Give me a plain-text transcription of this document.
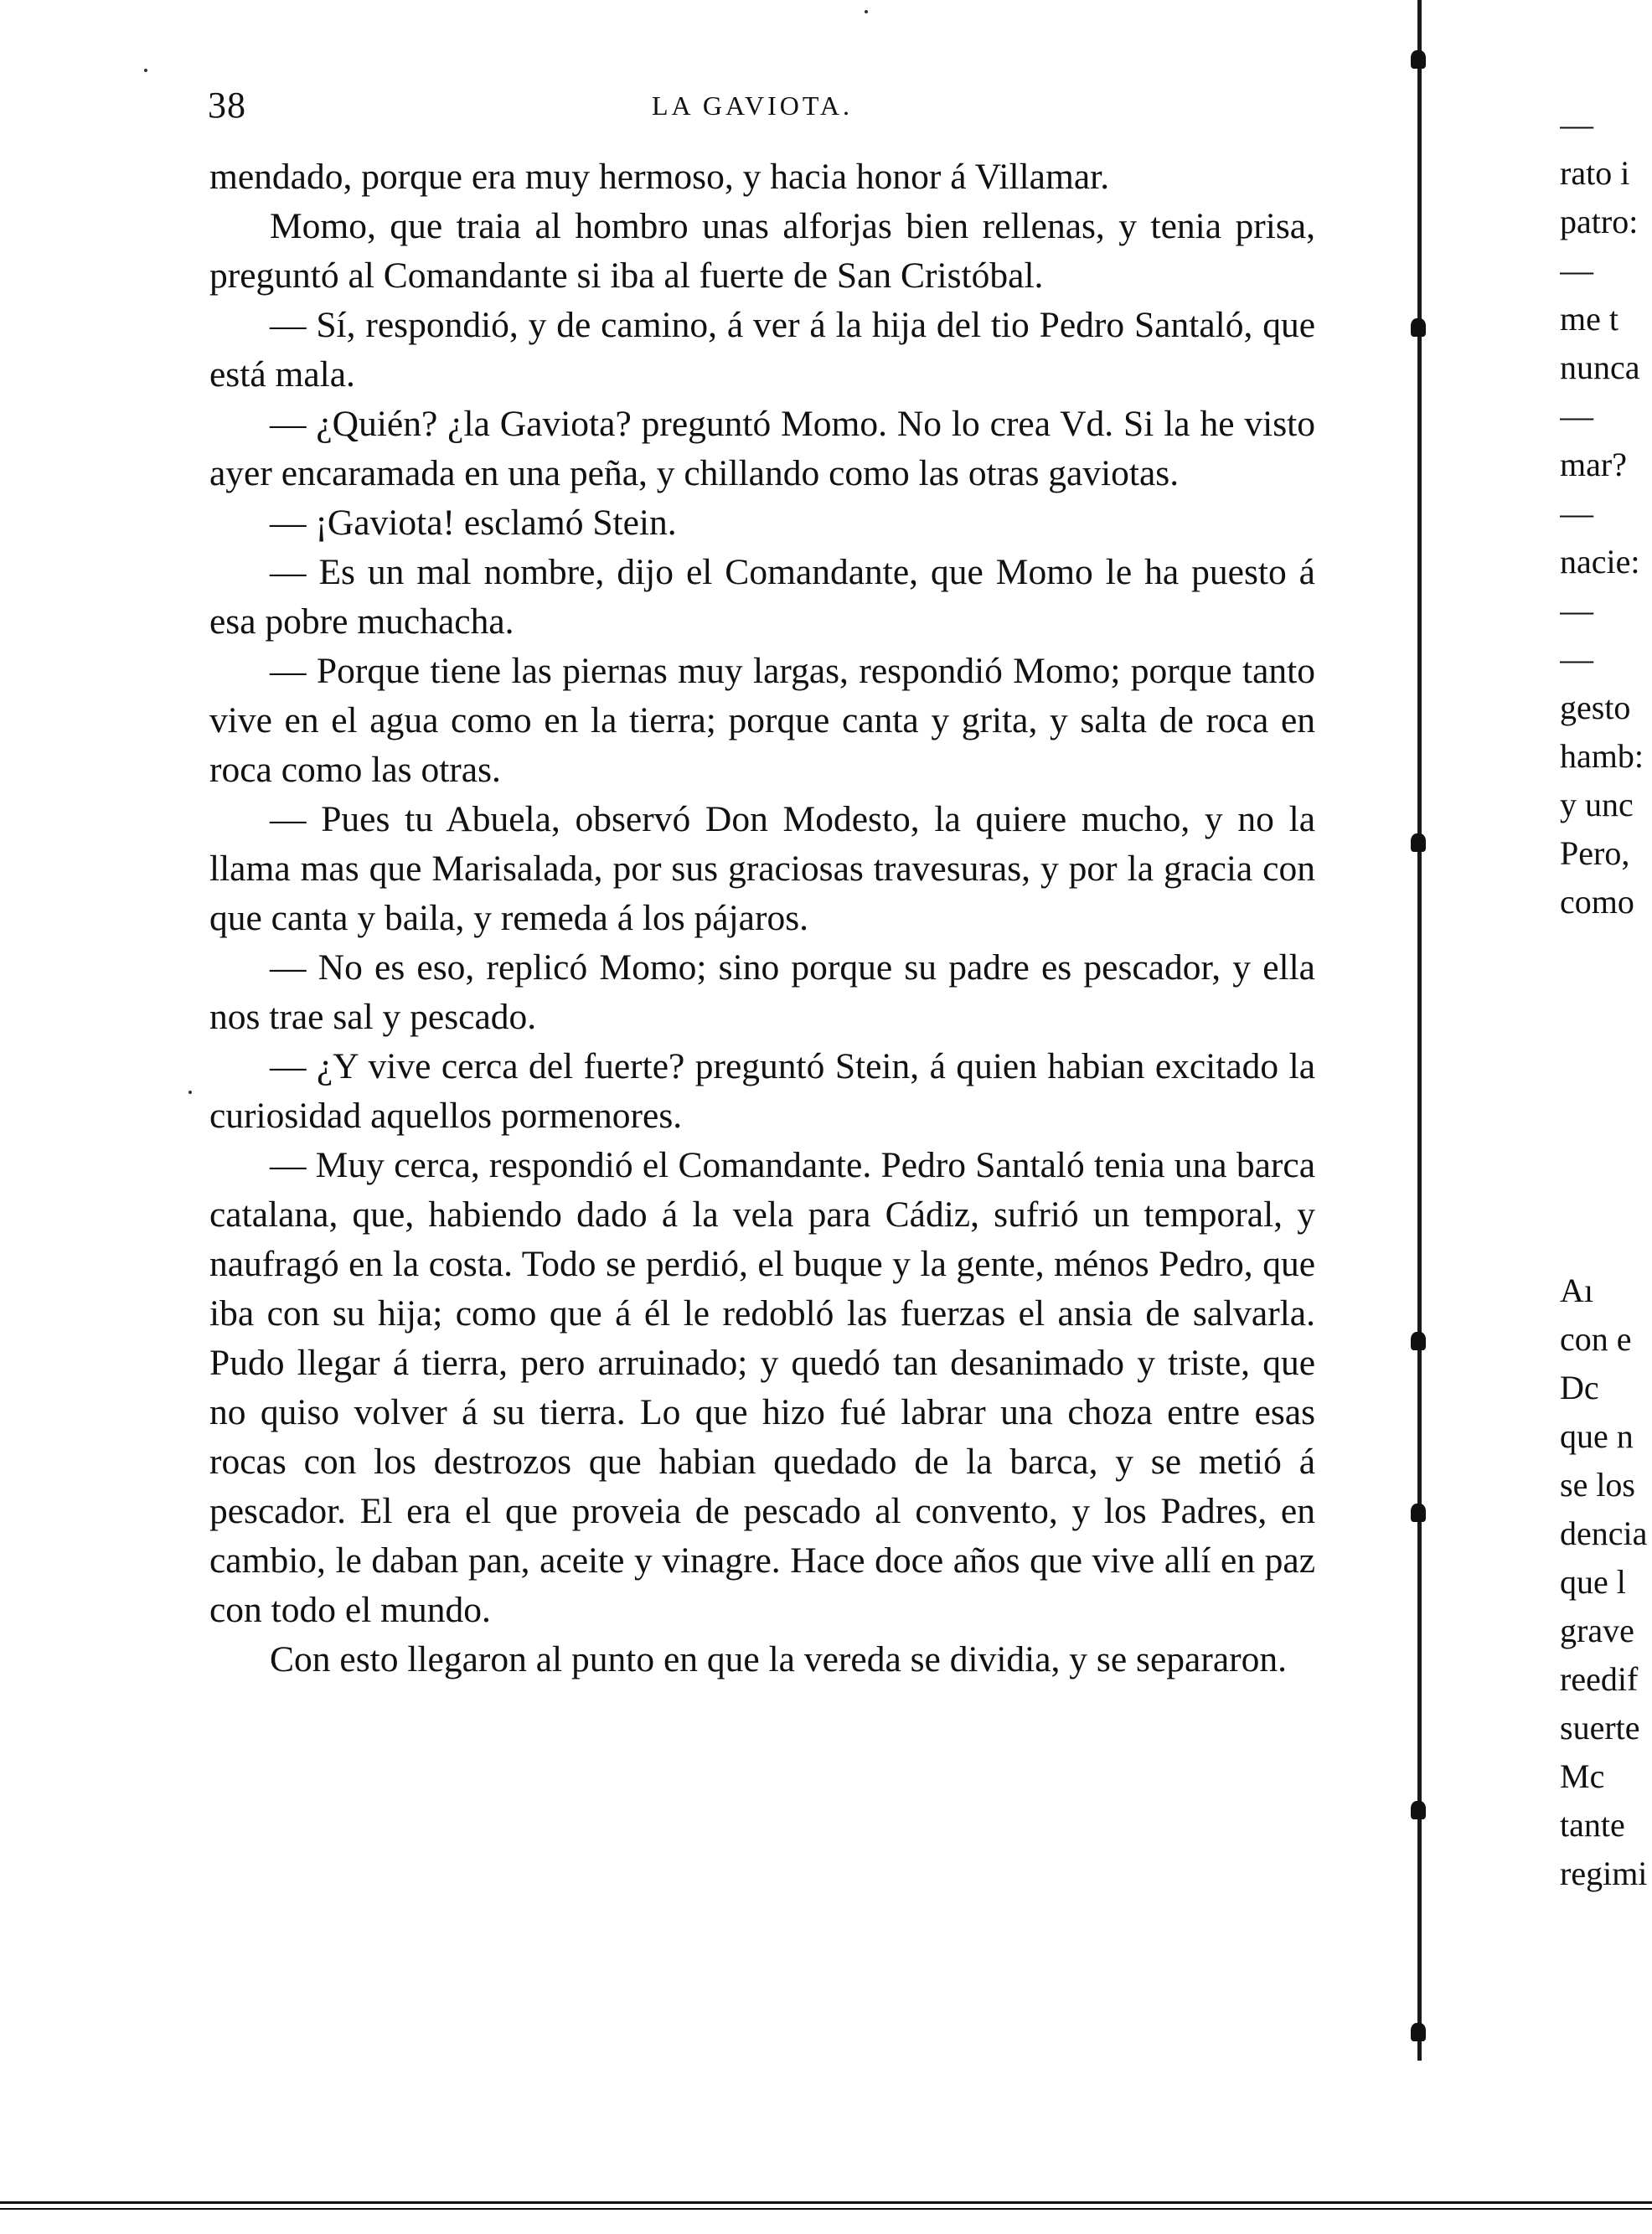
38	LA GAVIOTA.

mendado, porque era muy hermoso, y hacia honor á Villamar.

Momo, que traia al hombro unas alforjas bien rellenas, y tenia prisa, preguntó al Comandante si iba al fuerte de San Cristóbal.

— Sí, respondió, y de camino, á ver á la hija del tio Pedro Santaló, que está mala.

— ¿Quién? ¿la Gaviota? preguntó Momo. No lo crea Vd. Si la he visto ayer encaramada en una peña, y chillando como las otras gaviotas.

— ¡Gaviota! esclamó Stein.

— Es un mal nombre, dijo el Comandante, que Momo le ha puesto á esa pobre muchacha.

— Porque tiene las piernas muy largas, respondió Momo; porque tanto vive en el agua como en la tierra; porque canta y grita, y salta de roca en roca como las otras.

— Pues tu Abuela, observó Don Modesto, la quiere mucho, y no la llama mas que Marisalada, por sus graciosas travesuras, y por la gracia con que canta y baila, y remeda á los pájaros.

— No es eso, replicó Momo; sino porque su padre es pescador, y ella nos trae sal y pescado.

— ¿Y vive cerca del fuerte? preguntó Stein, á quien habian excitado la curiosidad aquellos pormenores.

— Muy cerca, respondió el Comandante. Pedro Santaló tenia una barca catalana, que, habiendo dado á la vela para Cádiz, sufrió un temporal, y naufragó en la costa. Todo se perdió, el buque y la gente, ménos Pedro, que iba con su hija; como que á él le redobló las fuerzas el ansia de salvarla. Pudo llegar á tierra, pero arruinado; y quedó tan desanimado y triste, que no quiso volver á su tierra. Lo que hizo fué labrar una choza entre esas rocas con los destrozos que habian quedado de la barca, y se metió á pescador. El era el que proveia de pescado al convento, y los Padres, en cambio, le daban pan, aceite y vinagre. Hace doce años que vive allí en paz con todo el mundo.

Con esto llegaron al punto en que la vereda se dividia, y se separaron.

—
rato i
patro:
—
me t
nunca
—
mar?
—
nacie:
—
—
gesto
hamb:
y unc
Pero,
como
Aı
con e
Dc
que n
se los
dencia
que l
grave
reedif
suerte
Mc
tante
regimi
